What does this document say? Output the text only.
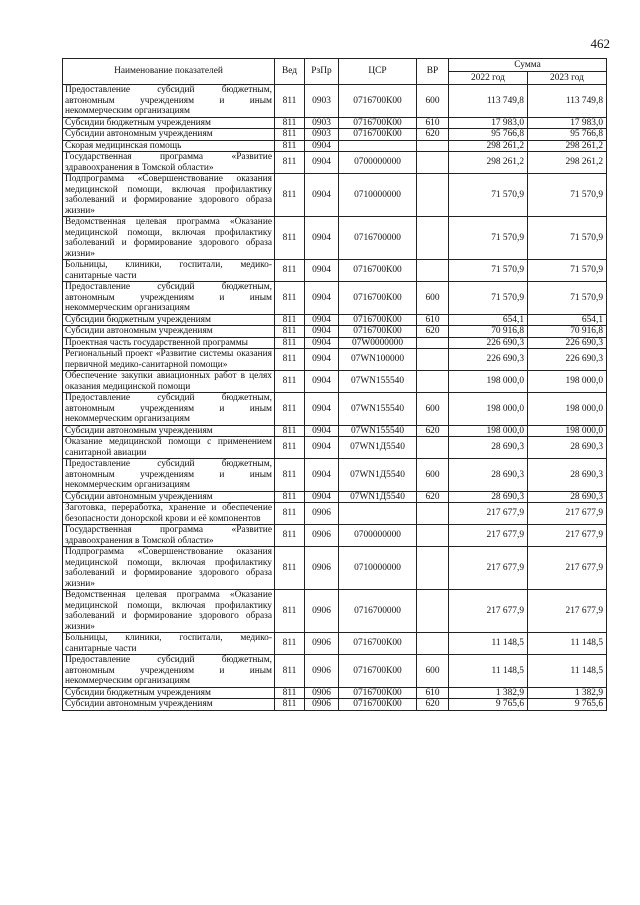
462
Наименование показателей	Вед	РзПр	ЦСР	ВР	Сумма	
					2022 год	2023 год
Предоставление субсидий бюджетным, автономным учреждениям и иным некоммерческим организациям	811	0903	0716700К00	600	113 749,8	113 749,8
Субсидии бюджетным учреждениям	811	0903	0716700К00	610	17 983,0	17 983,0
Субсидии автономным учреждениям	811	0903	0716700К00	620	95 766,8	95 766,8
Скорая медицинская помощь	811	0904			298 261,2	298 261,2
Государственная программа «Развитие здравоохранения в Томской области»	811	0904	0700000000		298 261,2	298 261,2
Подпрограмма «Совершенствование оказания медицинской помощи, включая профилактику заболеваний и формирование здорового образа жизни»	811	0904	0710000000		71 570,9	71 570,9
Ведомственная целевая программа «Оказание медицинской помощи, включая профилактику заболеваний и формирование здорового образа жизни»	811	0904	0716700000		71 570,9	71 570,9
Больницы, клиники, госпитали, медико-санитарные части	811	0904	0716700К00		71 570,9	71 570,9
Предоставление субсидий бюджетным, автономным учреждениям и иным некоммерческим организациям	811	0904	0716700К00	600	71 570,9	71 570,9
Субсидии бюджетным учреждениям	811	0904	0716700К00	610	654,1	654,1
Субсидии автономным учреждениям	811	0904	0716700К00	620	70 916,8	70 916,8
Проектная часть государственной программы	811	0904	07W0000000		226 690,3	226 690,3
Региональный проект «Развитие системы оказания первичной медико-санитарной помощи»	811	0904	07WN100000		226 690,3	226 690,3
Обеспечение закупки авиационных работ в целях оказания медицинской помощи	811	0904	07WN155540		198 000,0	198 000,0
Предоставление субсидий бюджетным, автономным учреждениям и иным некоммерческим организациям	811	0904	07WN155540	600	198 000,0	198 000,0
Субсидии автономным учреждениям	811	0904	07WN155540	620	198 000,0	198 000,0
Оказание медицинской помощи с применением санитарной авиации	811	0904	07WN1Д5540		28 690,3	28 690,3
Предоставление субсидий бюджетным, автономным учреждениям и иным некоммерческим организациям	811	0904	07WN1Д5540	600	28 690,3	28 690,3
Субсидии автономным учреждениям	811	0904	07WN1Д5540	620	28 690,3	28 690,3
Заготовка, переработка, хранение и обеспечение безопасности донорской крови и её компонентов	811	0906			217 677,9	217 677,9
Государственная программа «Развитие здравоохранения в Томской области»	811	0906	0700000000		217 677,9	217 677,9
Подпрограмма «Совершенствование оказания медицинской помощи, включая профилактику заболеваний и формирование здорового образа жизни»	811	0906	0710000000		217 677,9	217 677,9
Ведомственная целевая программа «Оказание медицинской помощи, включая профилактику заболеваний и формирование здорового образа жизни»	811	0906	0716700000		217 677,9	217 677,9
Больницы, клиники, госпитали, медико-санитарные части	811	0906	0716700К00		11 148,5	11 148,5
Предоставление субсидий бюджетным, автономным учреждениям и иным некоммерческим организациям	811	0906	0716700К00	600	11 148,5	11 148,5
Субсидии бюджетным учреждениям	811	0906	0716700К00	610	1 382,9	1 382,9
Субсидии автономным учреждениям	811	0906	0716700К00	620	9 765,6	9 765,6
